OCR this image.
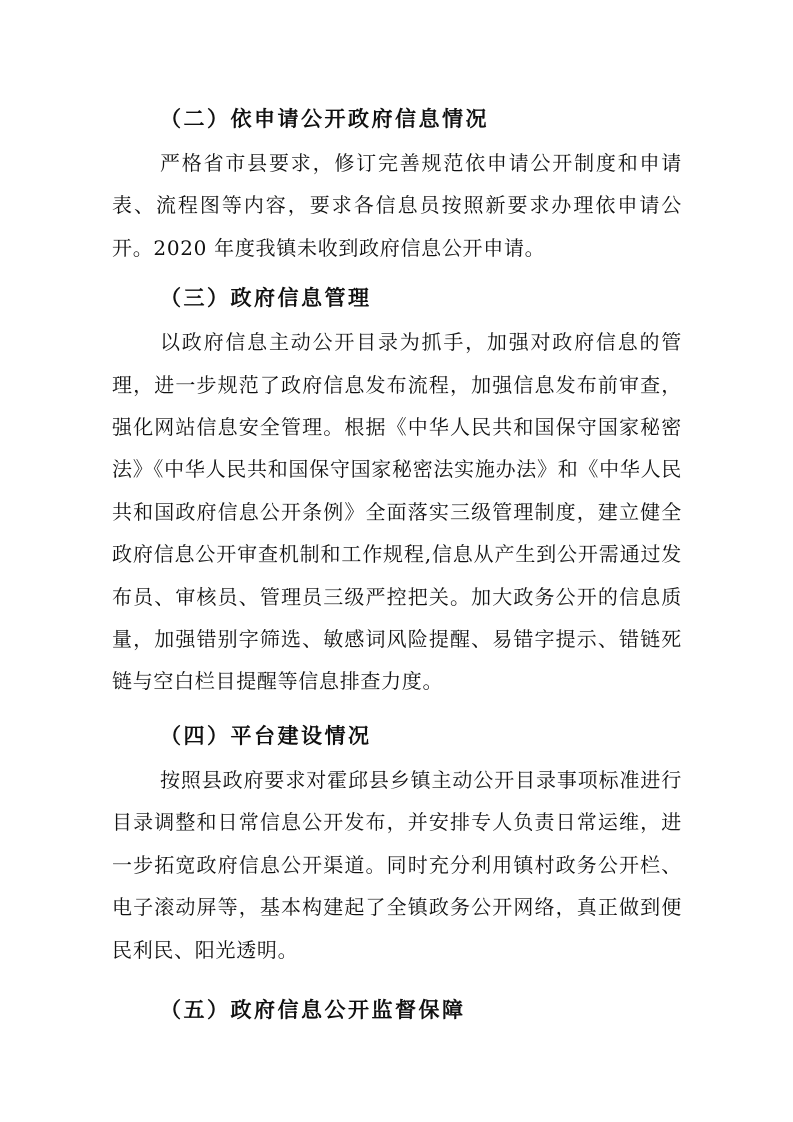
（二）依申请公开政府信息情况

严格省市县要求，修订完善规范依申请公开制度和申请表、流程图等内容，要求各信息员按照新要求办理依申请公开。2020 年度我镇未收到政府信息公开申请。

（三）政府信息管理

以政府信息主动公开目录为抓手，加强对政府信息的管理，进一步规范了政府信息发布流程，加强信息发布前审查，强化网站信息安全管理。根据《中华人民共和国保守国家秘密法》《中华人民共和国保守国家秘密法实施办法》和《中华人民共和国政府信息公开条例》全面落实三级管理制度，建立健全政府信息公开审查机制和工作规程,信息从产生到公开需通过发布员、审核员、管理员三级严控把关。加大政务公开的信息质量，加强错别字筛选、敏感词风险提醒、易错字提示、错链死链与空白栏目提醒等信息排查力度。

（四）平台建设情况

按照县政府要求对霍邱县乡镇主动公开目录事项标准进行目录调整和日常信息公开发布，并安排专人负责日常运维，进一步拓宽政府信息公开渠道。同时充分利用镇村政务公开栏、电子滚动屏等，基本构建起了全镇政务公开网络，真正做到便民利民、阳光透明。

（五）政府信息公开监督保障
